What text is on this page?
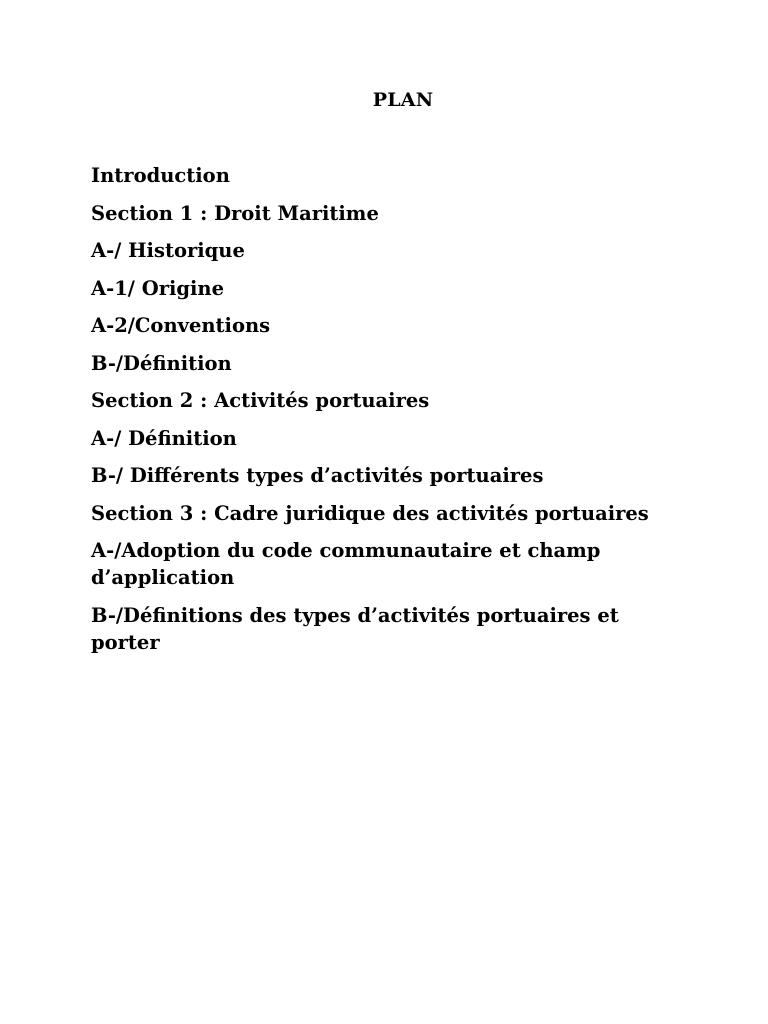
PLAN
Introduction
Section 1 : Droit Maritime
A-/ Historique
A-1/ Origine
A-2/Conventions
B-/Définition
Section 2 : Activités portuaires
A-/ Définition
B-/ Différents types d’activités portuaires
Section 3 : Cadre juridique des activités portuaires
A-/Adoption du code communautaire et champ d’application
B-/Définitions des types d’activités portuaires et porter
